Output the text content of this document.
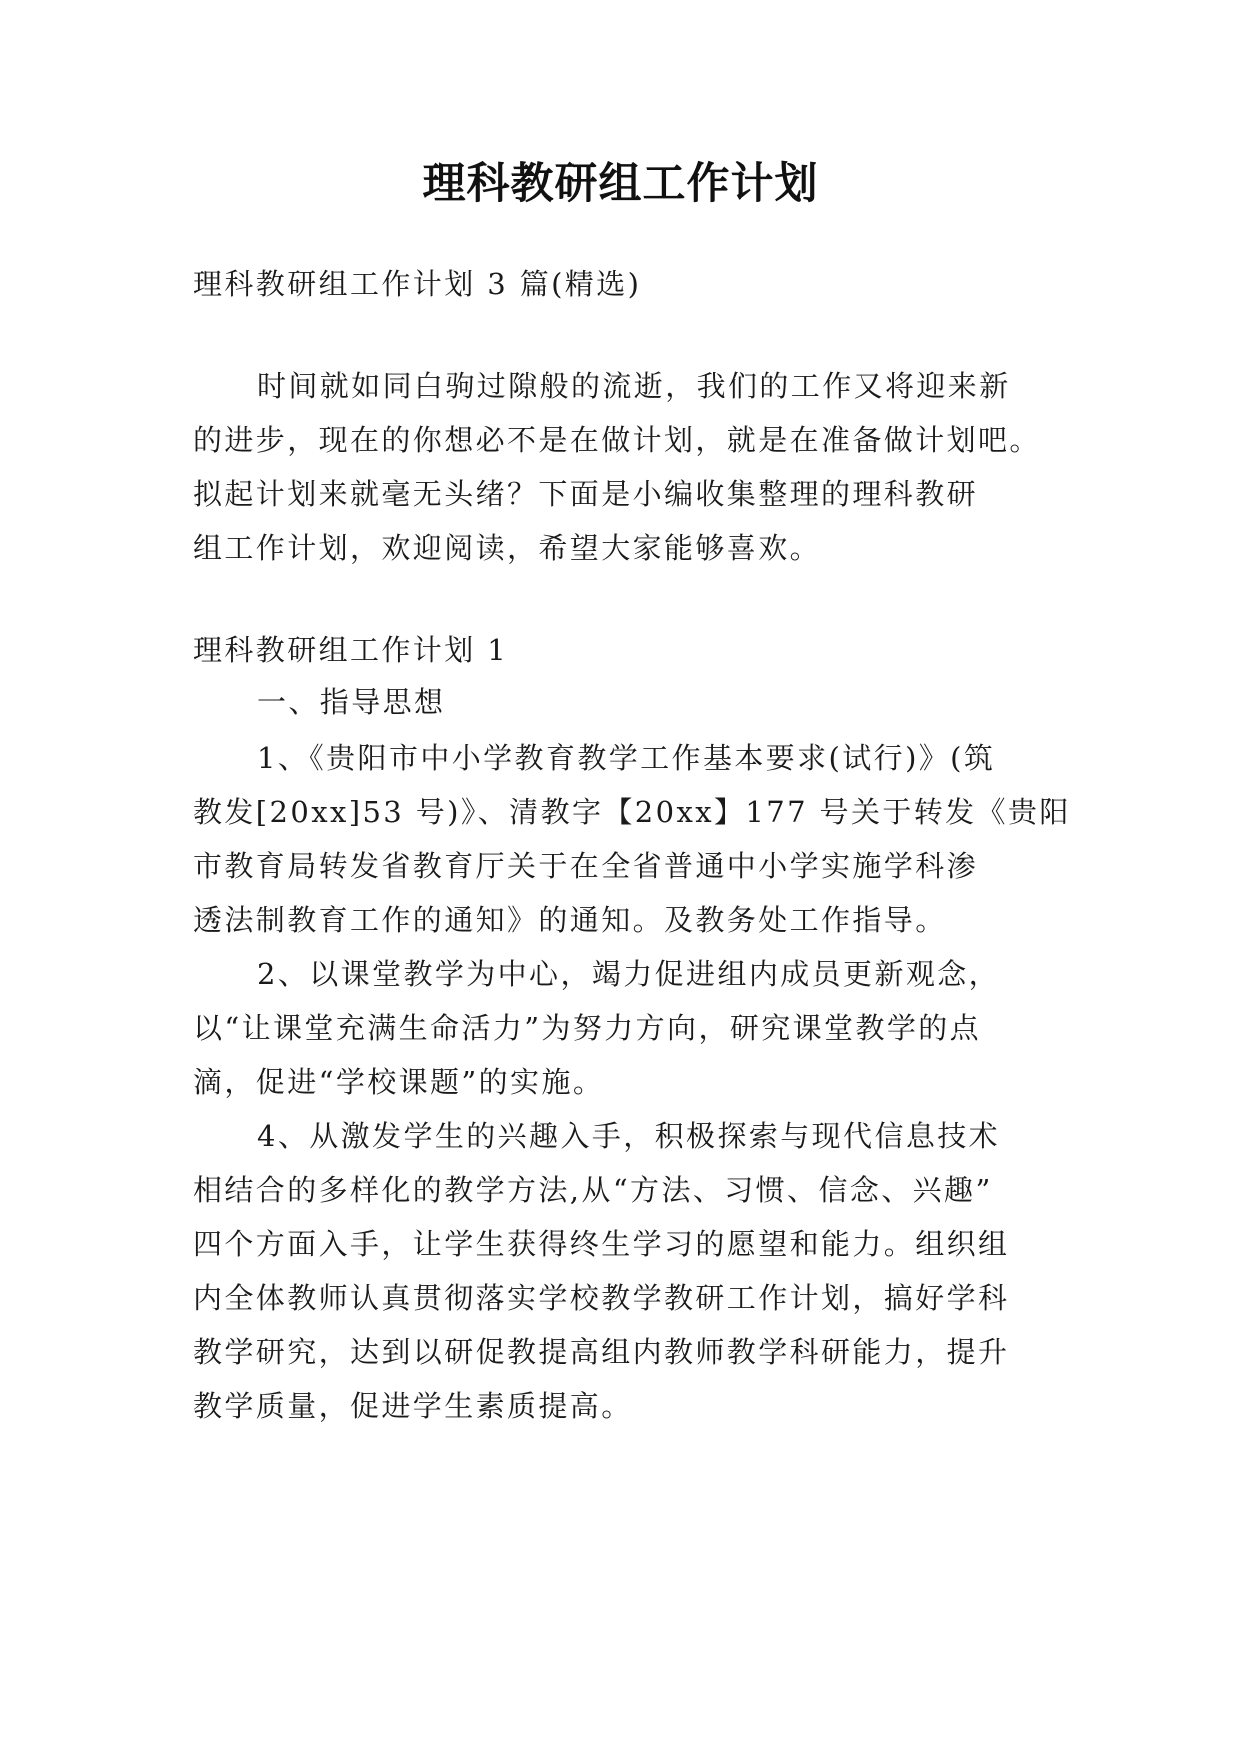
理科教研组工作计划
理科教研组工作计划 3 篇(精选)
时间就如同白驹过隙般的流逝，我们的工作又将迎来新
的进步，现在的你想必不是在做计划，就是在准备做计划吧。
拟起计划来就毫无头绪？下面是小编收集整理的理科教研
组工作计划，欢迎阅读，希望大家能够喜欢。
理科教研组工作计划 1
一、指导思想
1、《贵阳市中小学教育教学工作基本要求(试行)》(筑
教发[20xx]53 号)》、清教字【20xx】177 号关于转发《贵阳
市教育局转发省教育厅关于在全省普通中小学实施学科渗
透法制教育工作的通知》的通知。及教务处工作指导。
2、以课堂教学为中心，竭力促进组内成员更新观念，
以“让课堂充满生命活力”为努力方向，研究课堂教学的点
滴，促进“学校课题”的实施。
4、从激发学生的兴趣入手，积极探索与现代信息技术
相结合的多样化的教学方法,从“方法、习惯、信念、兴趣”
四个方面入手，让学生获得终生学习的愿望和能力。组织组
内全体教师认真贯彻落实学校教学教研工作计划，搞好学科
教学研究，达到以研促教提高组内教师教学科研能力，提升
教学质量，促进学生素质提高。
